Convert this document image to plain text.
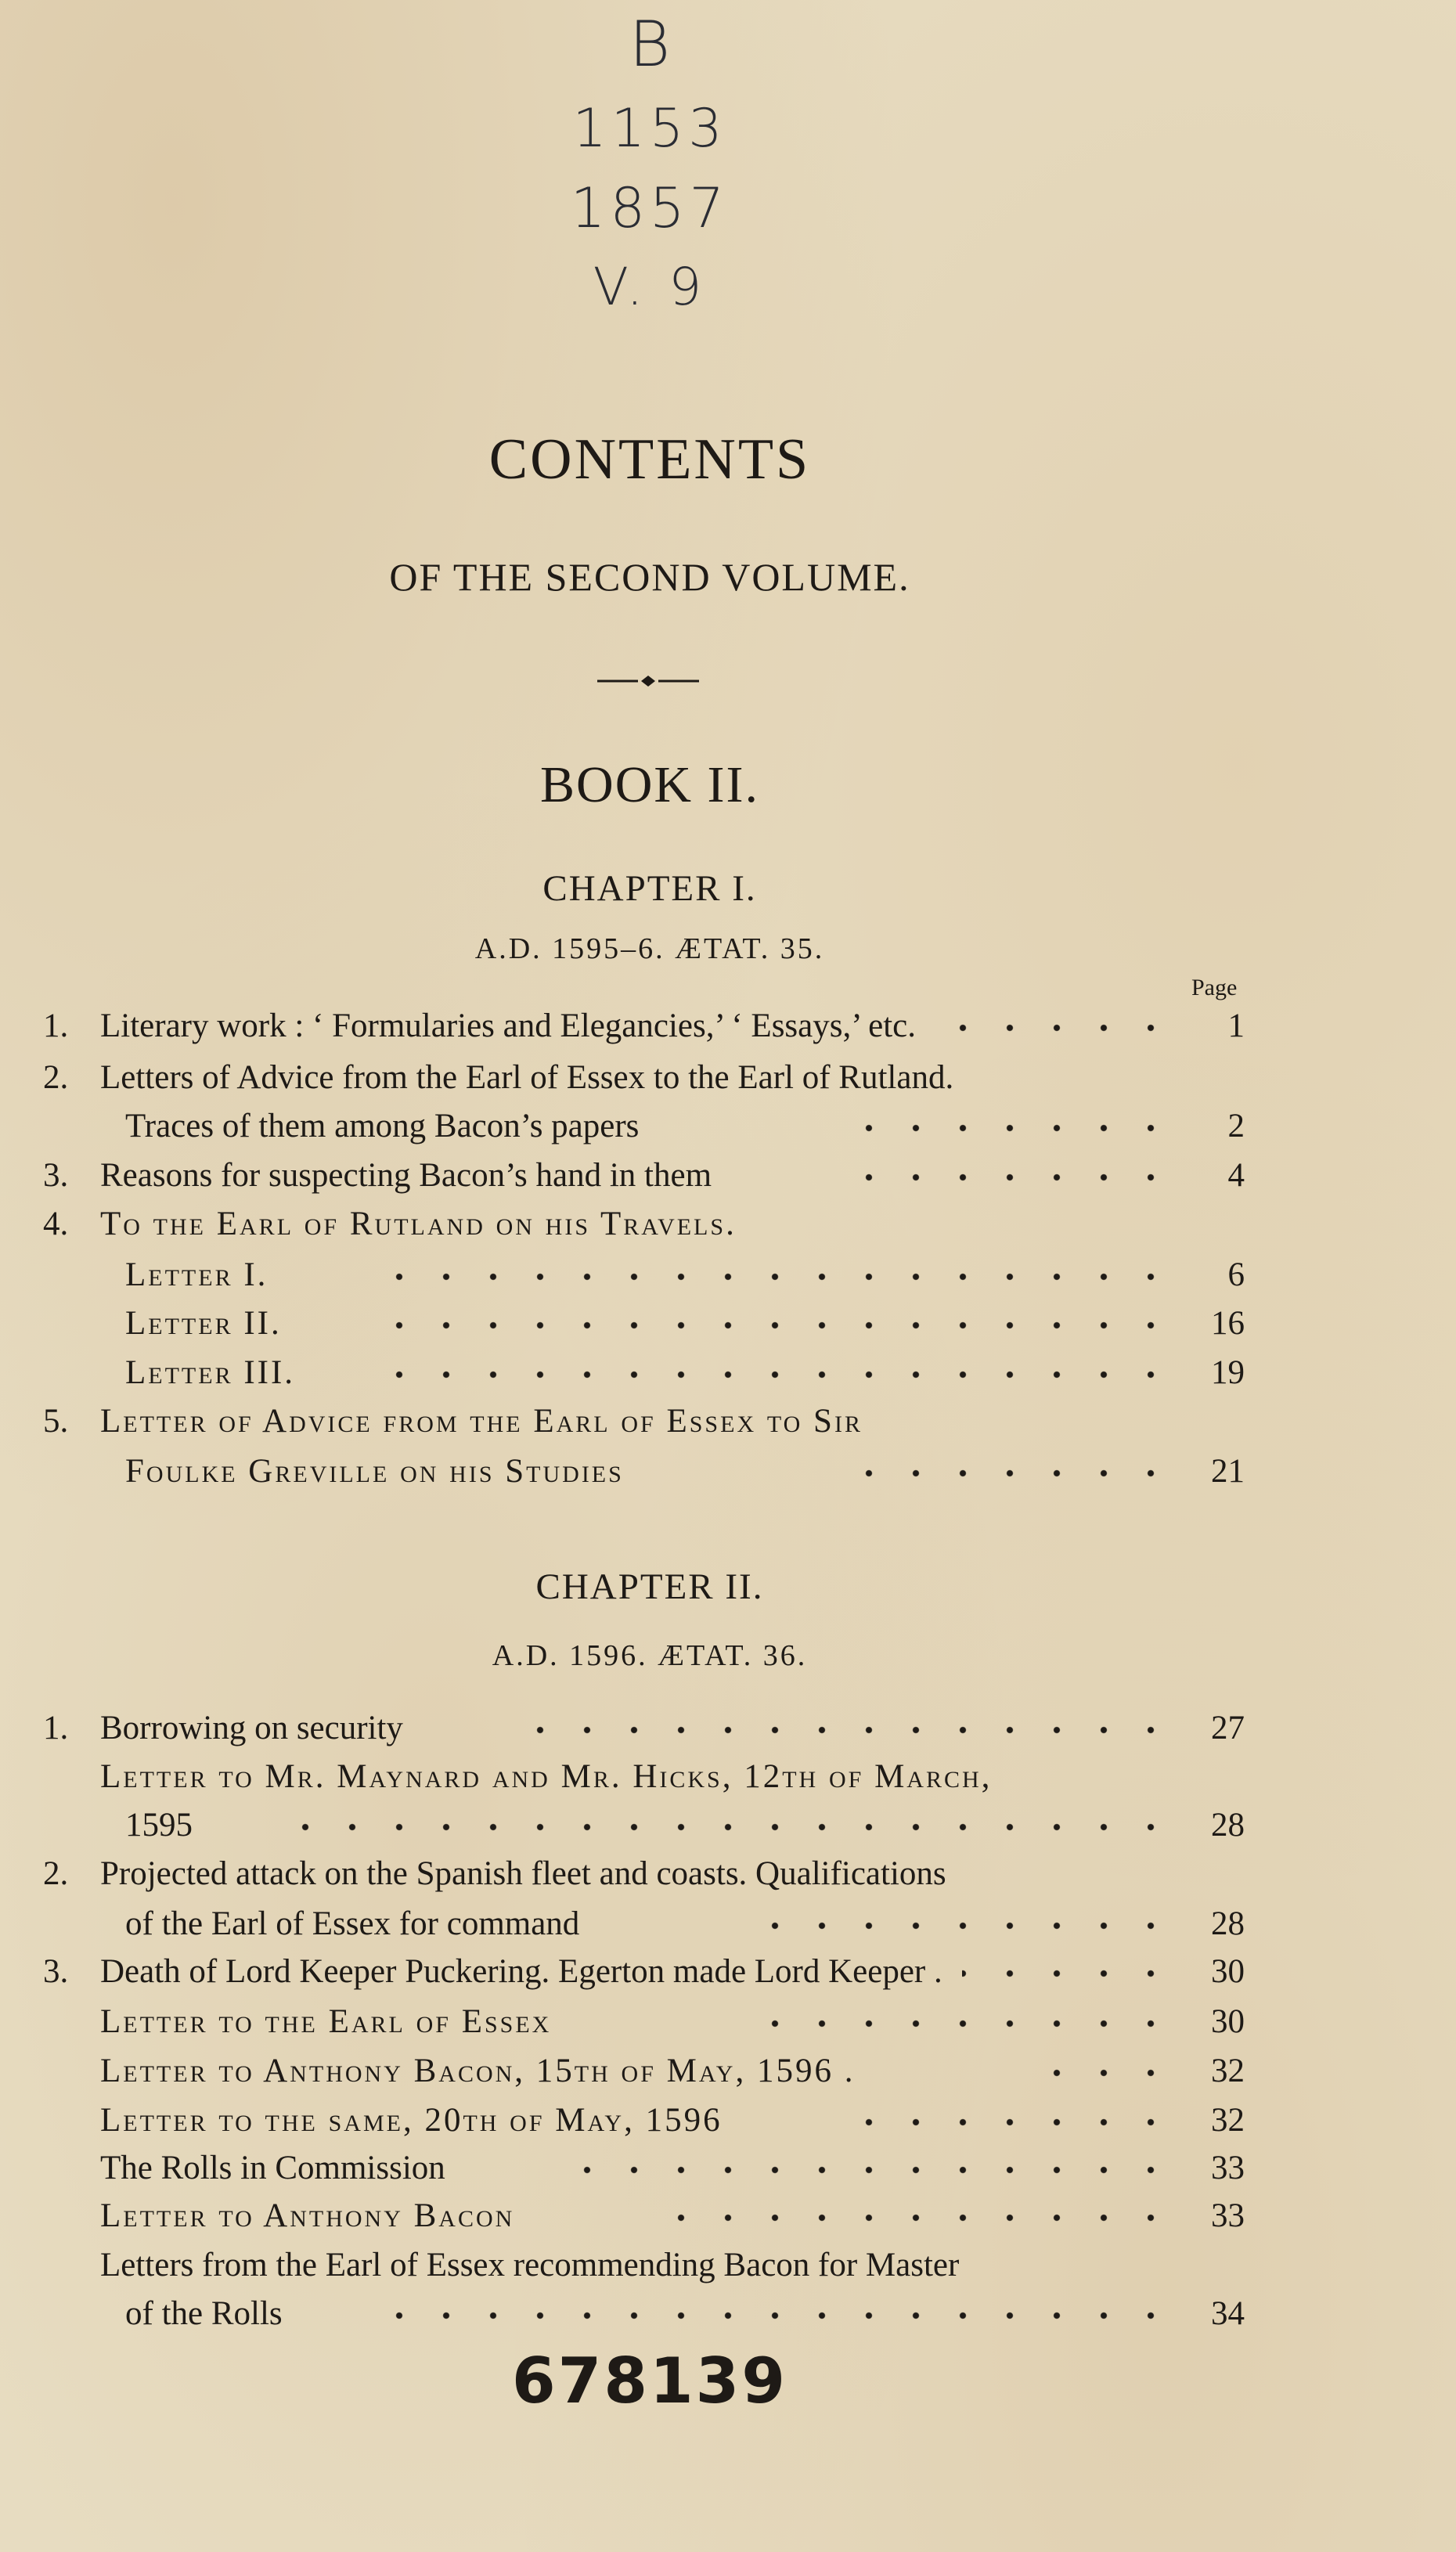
B
1153
1857
V. 9
CONTENTS
OF THE SECOND VOLUME.
BOOK II.
CHAPTER I.
A.D. 1595–6. ÆTAT. 35.
Page
CHAPTER II.
A.D. 1596. ÆTAT. 36.
1. Literary work : ‘ Formularies and Elegancies,’ ‘ Essays,’ etc.	1
2. Letters of Advice from the Earl of Essex to the Earl of Rutland.
Traces of them among Bacon’s papers	2
3. Reasons for suspecting Bacon’s hand in them	4
4. To the Earl of Rutland on his Travels.
Letter I.	6
Letter II.	16
Letter III.	19
5. Letter of Advice from the Earl of Essex to Sir
Foulke Greville on his Studies	21
1. Borrowing on security	27
Letter to Mr. Maynard and Mr. Hicks, 12th of March,
1595	28
2. Projected attack on the Spanish fleet and coasts. Qualifications
of the Earl of Essex for command	28
3. Death of Lord Keeper Puckering. Egerton made Lord Keeper .	30
Letter to the Earl of Essex	30
Letter to Anthony Bacon, 15th of May, 1596 .	32
Letter to the same, 20th of May, 1596	32
The Rolls in Commission	33
Letter to Anthony Bacon	33
Letters from the Earl of Essex recommending Bacon for Master
of the Rolls	34
678139
